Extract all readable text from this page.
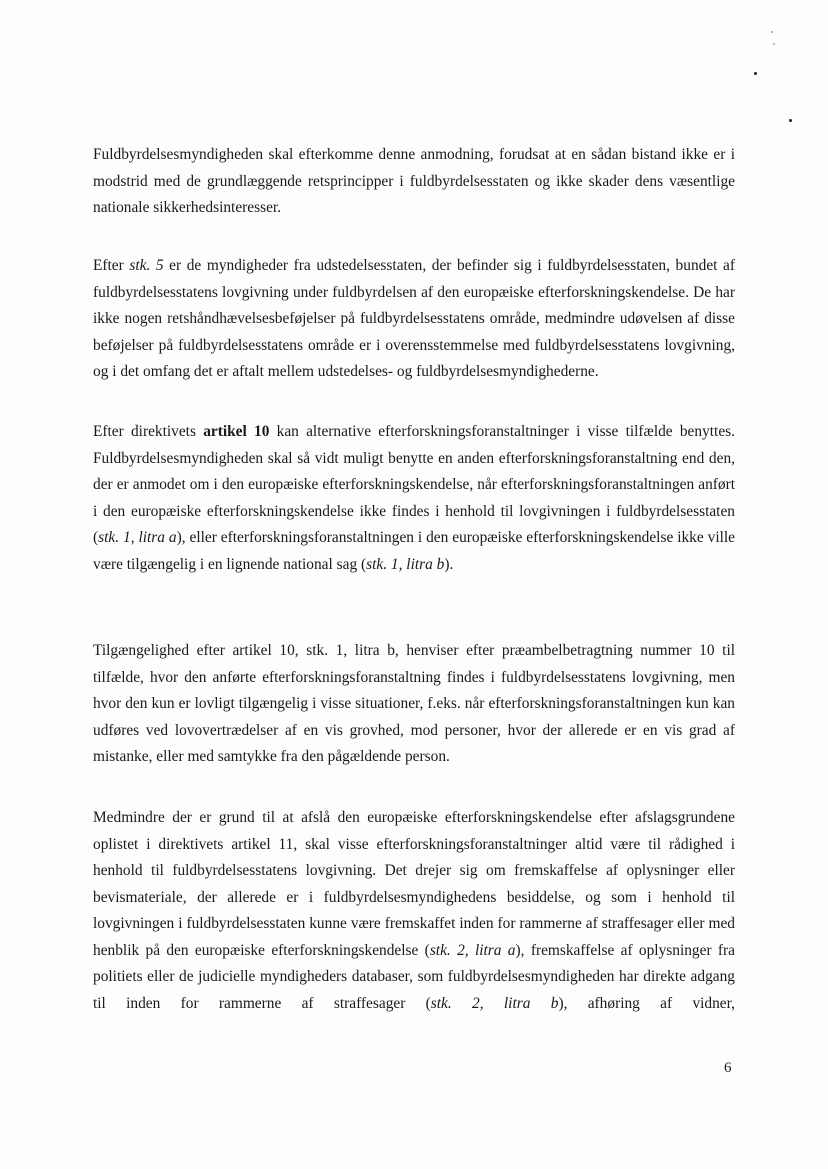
Fuldbyrdelsesmyndigheden skal efterkomme denne anmodning, forudsat at en sådan bistand ikke er i modstrid med de grundlæggende retsprincipper i fuldbyrdelsesstaten og ikke skader dens væsentlige nationale sikkerhedsinteresser.

Efter stk. 5 er de myndigheder fra udstedelsesstaten, der befinder sig i fuldbyrdelsesstaten, bundet af fuldbyrdelsesstatens lovgivning under fuldbyrdelsen af den europæiske efterforskningskendelse. De har ikke nogen retshåndhævelsesbeføjelser på fuldbyrdelsesstatens område, medmindre udøvelsen af disse beføjelser på fuldbyrdelsesstatens område er i overensstemmelse med fuldbyrdelsesstatens lovgivning, og i det omfang det er aftalt mellem udstedelses- og fuldbyrdelsesmyndighederne.

Efter direktivets artikel 10 kan alternative efterforskningsforanstaltninger i visse tilfælde benyttes. Fuldbyrdelsesmyndigheden skal så vidt muligt benytte en anden efterforskningsforanstaltning end den, der er anmodet om i den europæiske efterforskningskendelse, når efterforskningsforanstaltningen anført i den europæiske efterforskningskendelse ikke findes i henhold til lovgivningen i fuldbyrdelsesstaten (stk. 1, litra a), eller efterforskningsforanstaltningen i den europæiske efterforskningskendelse ikke ville være tilgængelig i en lignende national sag (stk. 1, litra b).

Tilgængelighed efter artikel 10, stk. 1, litra b, henviser efter præambelbetragtning nummer 10 til tilfælde, hvor den anførte efterforskningsforanstaltning findes i fuldbyrdelsesstatens lovgivning, men hvor den kun er lovligt tilgængelig i visse situationer, f.eks. når efterforskningsforanstaltningen kun kan udføres ved lovovertrædelser af en vis grovhed, mod personer, hvor der allerede er en vis grad af mistanke, eller med samtykke fra den pågældende person.

Medmindre der er grund til at afslå den europæiske efterforskningskendelse efter afslagsgrundene oplistet i direktivets artikel 11, skal visse efterforskningsforanstaltninger altid være til rådighed i henhold til fuldbyrdelsesstatens lovgivning. Det drejer sig om fremskaffelse af oplysninger eller bevismateriale, der allerede er i fuldbyrdelsesmyndighedens besiddelse, og som i henhold til lovgivningen i fuldbyrdelsesstaten kunne være fremskaffet inden for rammerne af straffesager eller med henblik på den europæiske efterforskningskendelse (stk. 2, litra a), fremskaffelse af oplysninger fra politiets eller de judicielle myndigheders databaser, som fuldbyrdelsesmyndigheden har direkte adgang til inden for rammerne af straffesager (stk. 2, litra b), afhøring af vidner,

6
